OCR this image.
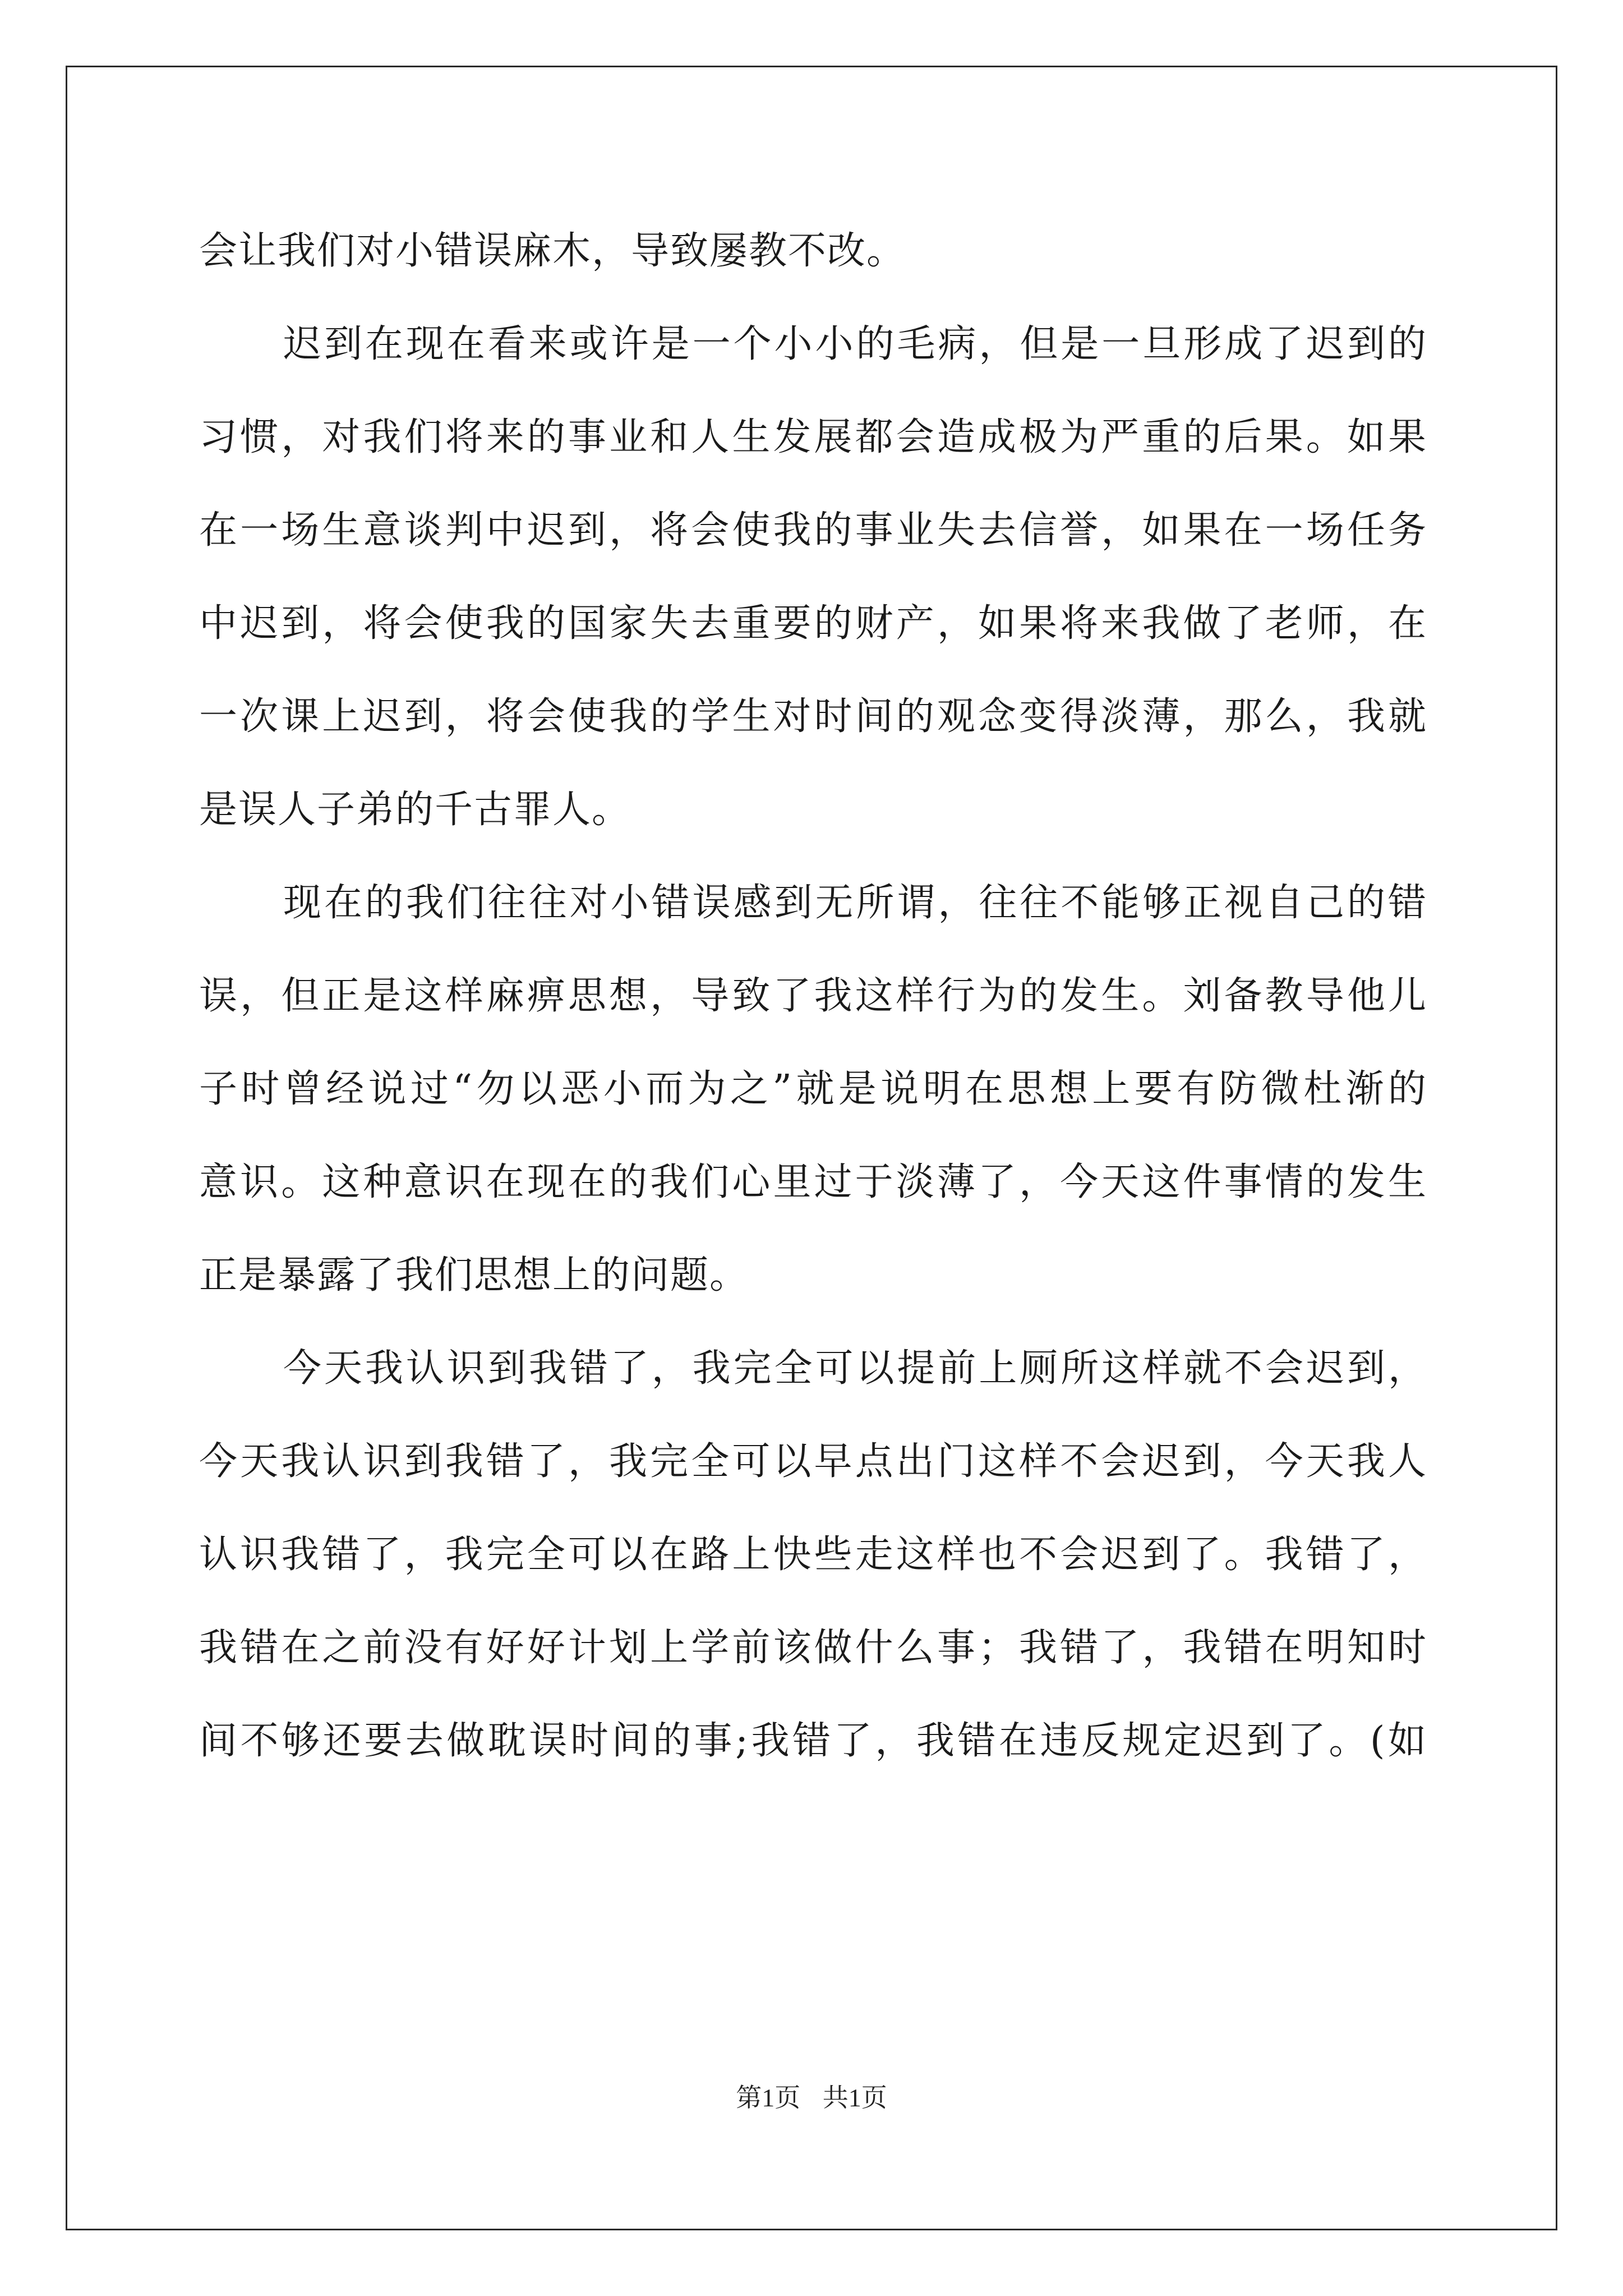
会让我们对小错误麻木，导致屡教不改。
迟到在现在看来或许是一个小小的毛病，但是一旦形成了迟到的
习惯，对我们将来的事业和人生发展都会造成极为严重的后果。如果
在一场生意谈判中迟到，将会使我的事业失去信誉，如果在一场任务
中迟到，将会使我的国家失去重要的财产，如果将来我做了老师，在
一次课上迟到，将会使我的学生对时间的观念变得淡薄，那么，我就
是误人子弟的千古罪人。
现在的我们往往对小错误感到无所谓，往往不能够正视自己的错
误，但正是这样麻痹思想，导致了我这样行为的发生。刘备教导他儿
子时曾经说过“勿以恶小而为之”就是说明在思想上要有防微杜渐的
意识。这种意识在现在的我们心里过于淡薄了，今天这件事情的发生
正是暴露了我们思想上的问题。
今天我认识到我错了，我完全可以提前上厕所这样就不会迟到，
今天我认识到我错了，我完全可以早点出门这样不会迟到，今天我人
认识我错了，我完全可以在路上快些走这样也不会迟到了。我错了，
我错在之前没有好好计划上学前该做什么事；我错了，我错在明知时
间不够还要去做耽误时间的事;我错了，我错在违反规定迟到了。(如
第1页 共1页
